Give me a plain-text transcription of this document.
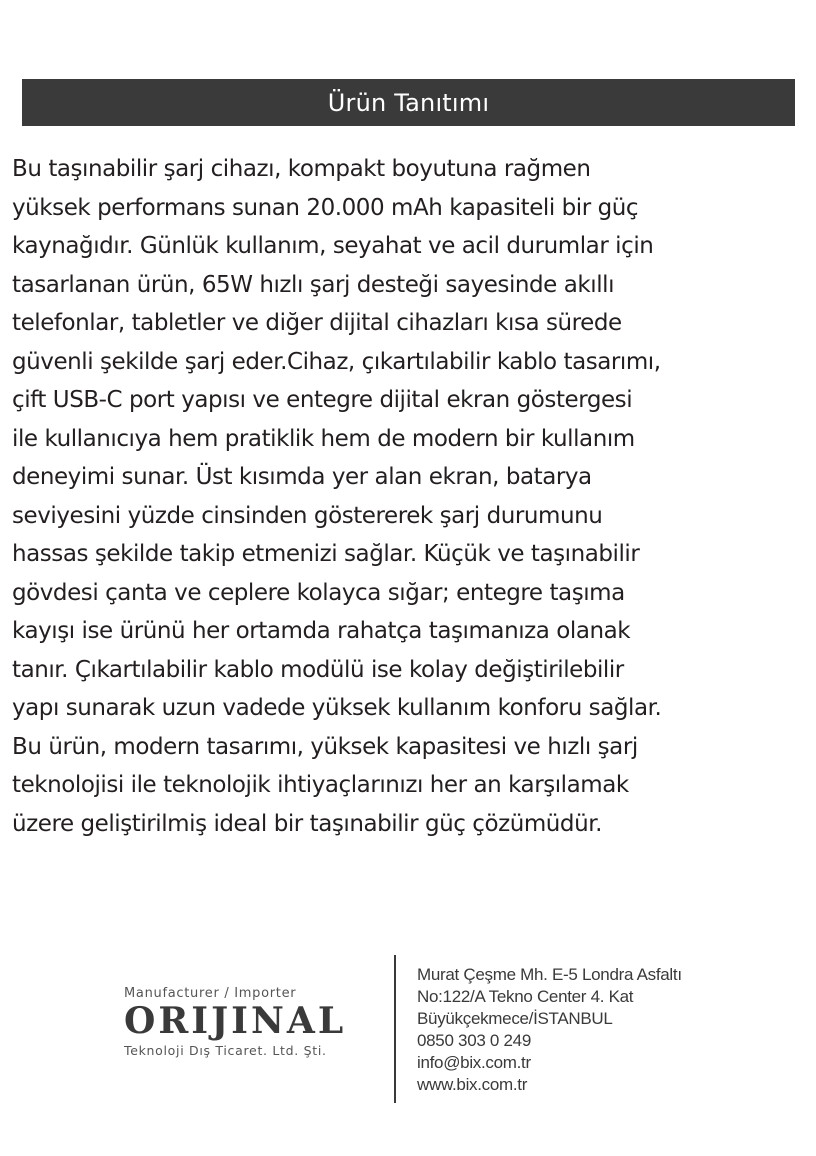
Ürün Tanıtımı

Bu taşınabilir şarj cihazı, kompakt boyutuna rağmen
yüksek performans sunan 20.000 mAh kapasiteli bir güç
kaynağıdır. Günlük kullanım, seyahat ve acil durumlar için
tasarlanan ürün, 65W hızlı şarj desteği sayesinde akıllı
telefonlar, tabletler ve diğer dijital cihazları kısa sürede
güvenli şekilde şarj eder.Cihaz, çıkartılabilir kablo tasarımı,
çift USB-C port yapısı ve entegre dijital ekran göstergesi
ile kullanıcıya hem pratiklik hem de modern bir kullanım
deneyimi sunar. Üst kısımda yer alan ekran, batarya
seviyesini yüzde cinsinden göstererek şarj durumunu
hassas şekilde takip etmenizi sağlar. Küçük ve taşınabilir
gövdesi çanta ve ceplere kolayca sığar; entegre taşıma
kayışı ise ürünü her ortamda rahatça taşımanıza olanak
tanır. Çıkartılabilir kablo modülü ise kolay değiştirilebilir
yapı sunarak uzun vadede yüksek kullanım konforu sağlar.
Bu ürün, modern tasarımı, yüksek kapasitesi ve hızlı şarj
teknolojisi ile teknolojik ihtiyaçlarınızı her an karşılamak
üzere geliştirilmiş ideal bir taşınabilir güç çözümüdür.

Manufacturer / Importer
ORIJINAL
Teknoloji Dış Ticaret. Ltd. Şti.
Murat Çeşme Mh. E-5 Londra Asfaltı
No:122/A Tekno Center 4. Kat
Büyükçekmece/İSTANBUL
0850 303 0 249
info@bix.com.tr
www.bix.com.tr
